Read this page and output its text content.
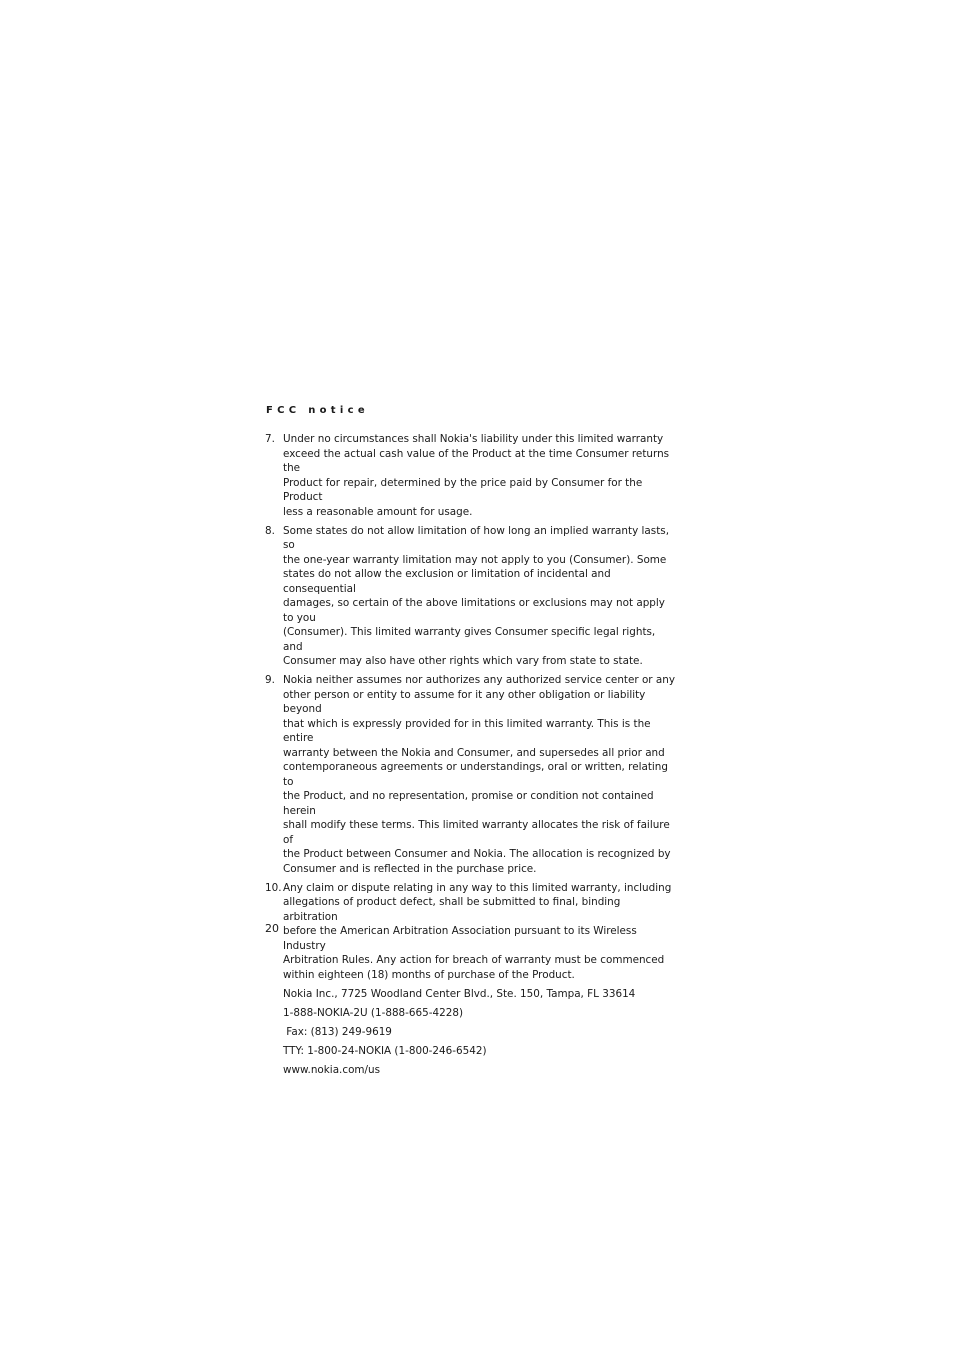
FCC notice
7. Under no circumstances shall Nokia's liability under this limited warranty
exceed the actual cash value of the Product at the time Consumer returns the
Product for repair, determined by the price paid by Consumer for the Product
less a reasonable amount for usage.
8. Some states do not allow limitation of how long an implied warranty lasts, so
the one-year warranty limitation may not apply to you (Consumer). Some
states do not allow the exclusion or limitation of incidental and consequential
damages, so certain of the above limitations or exclusions may not apply to you
(Consumer). This limited warranty gives Consumer specific legal rights, and
Consumer may also have other rights which vary from state to state.
9. Nokia neither assumes nor authorizes any authorized service center or any
other person or entity to assume for it any other obligation or liability beyond
that which is expressly provided for in this limited warranty. This is the entire
warranty between the Nokia and Consumer, and supersedes all prior and
contemporaneous agreements or understandings, oral or written, relating to
the Product, and no representation, promise or condition not contained herein
shall modify these terms. This limited warranty allocates the risk of failure of
the Product between Consumer and Nokia. The allocation is recognized by
Consumer and is reflected in the purchase price.
10. Any claim or dispute relating in any way to this limited warranty, including
allegations of product defect, shall be submitted to final, binding arbitration
before the American Arbitration Association pursuant to its Wireless Industry
Arbitration Rules. Any action for breach of warranty must be commenced
within eighteen (18) months of purchase of the Product.
Nokia Inc., 7725 Woodland Center Blvd., Ste. 150, Tampa, FL 33614
1-888-NOKIA-2U (1-888-665-4228)
Fax: (813) 249-9619
TTY: 1-800-24-NOKIA (1-800-246-6542)
www.nokia.com/us
20
